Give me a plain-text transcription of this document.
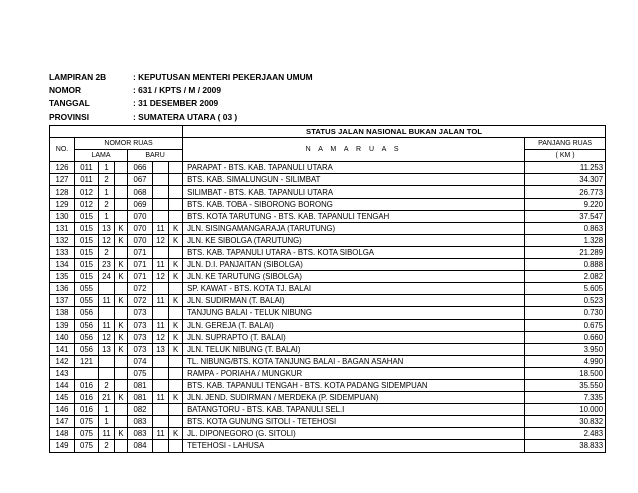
LAMPIRAN 2B	: KEPUTUSAN MENTERI PEKERJAAN UMUM
NOMOR	: 631 / KPTS / M / 2009
TANGGAL	: 31 DESEMBER 2009
PROVINSI	: SUMATERA UTARA ( 03 )
							STATUS JALAN NASIONAL BUKAN JALAN TOL	
NO.	NOMOR RUAS						N A M A R U A S	PANJANG RUAS
	LAMA			BARU				( KM )
126	011	1		066			PARAPAT - BTS. KAB. TAPANULI UTARA	11.253
127	011	2		067			BTS. KAB. SIMALUNGUN - SILIMBAT	34.307
128	012	1		068			SILIMBAT - BTS. KAB. TAPANULI UTARA	26.773
129	012	2		069			BTS. KAB. TOBA - SIBORONG BORONG	9.220
130	015	1		070			BTS. KOTA TARUTUNG - BTS. KAB. TAPANULI TENGAH	37.547
131	015	13	K	070	11	K	JLN. SISINGAMANGARAJA (TARUTUNG)	0.863
132	015	12	K	070	12	K	JLN. KE SIBOLGA (TARUTUNG)	1.328
133	015	2		071			BTS. KAB. TAPANULI UTARA - BTS. KOTA SIBOLGA	21.289
134	015	23	K	071	11	K	JLN. D.I. PANJAITAN (SIBOLGA)	0.888
135	015	24	K	071	12	K	JLN. KE TARUTUNG (SIBOLGA)	2.082
136	055			072			SP. KAWAT - BTS. KOTA TJ. BALAI	5.605
137	055	11	K	072	11	K	JLN. SUDIRMAN (T. BALAI)	0.523
138	056			073			TANJUNG BALAI - TELUK NIBUNG	0.730
139	056	11	K	073	11	K	JLN. GEREJA (T. BALAI)	0.675
140	056	12	K	073	12	K	JLN. SUPRAPTO (T. BALAI)	0.660
141	056	13	K	073	13	K	JLN. TELUK NIBUNG (T. BALAI)	3.950
142	121			074			TL. NIBUNG/BTS. KOTA TANJUNG BALAI - BAGAN ASAHAN	4.990
143				075			RAMPA - PORIAHA / MUNGKUR	18.500
144	016	2		081			BTS. KAB. TAPANULI TENGAH - BTS. KOTA PADANG SIDEMPUAN	35.550
145	016	21	K	081	11	K	JLN. JEND. SUDIRMAN / MERDEKA (P. SIDEMPUAN)	7.335
146	016	1		082			BATANGTORU - BTS. KAB. TAPANULI SEL.I	10.000
147	075	1		083			BTS. KOTA GUNUNG SITOLI - TETEHOSI	30.832
148	075	11	K	083	11	K	JL. DIPONEGORO (G. SITOLI)	2.483
149	075	2		084			TETEHOSI - LAHUSA	38.833
